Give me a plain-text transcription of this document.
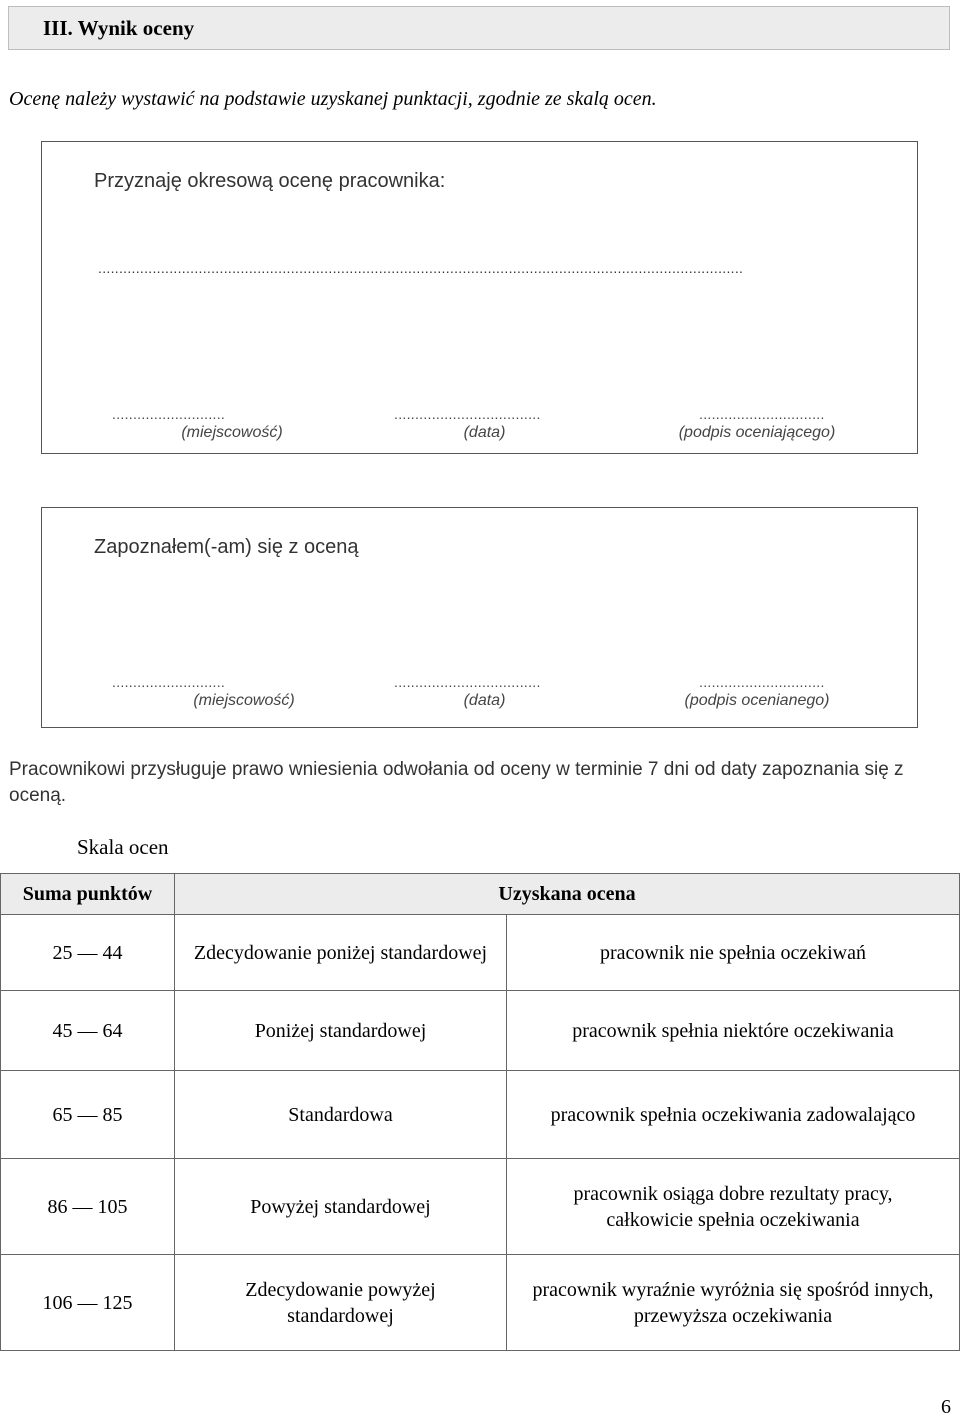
III. Wynik oceny
Ocenę należy wystawić na podstawie uzyskanej punktacji, zgodnie ze skalą ocen.
Przyznaję okresową ocenę pracownika:
..........................................................................................................................................................
...........................
(miejscowość)
...................................
(data)
..............................
(podpis oceniającego)
Zapoznałem(-am) się z oceną
...........................
(miejscowość)
...................................
(data)
..............................
(podpis ocenianego)
Pracownikowi przysługuje prawo wniesienia odwołania od oceny w terminie 7 dni od daty zapoznania się z oceną.
Skala ocen
Suma punktów	Uzyskana ocena	
25 — 44	Zdecydowanie poniżej standardowej	pracownik nie spełnia oczekiwań
45 — 64	Poniżej standardowej	pracownik spełnia niektóre oczekiwania
65 — 85	Standardowa	pracownik spełnia oczekiwania zadowalająco
86 — 105	Powyżej standardowej	pracownik osiąga dobre rezultaty pracy, całkowicie spełnia oczekiwania
106 — 125	Zdecydowanie powyżej standardowej	pracownik wyraźnie wyróżnia się spośród innych, przewyższa oczekiwania
6
